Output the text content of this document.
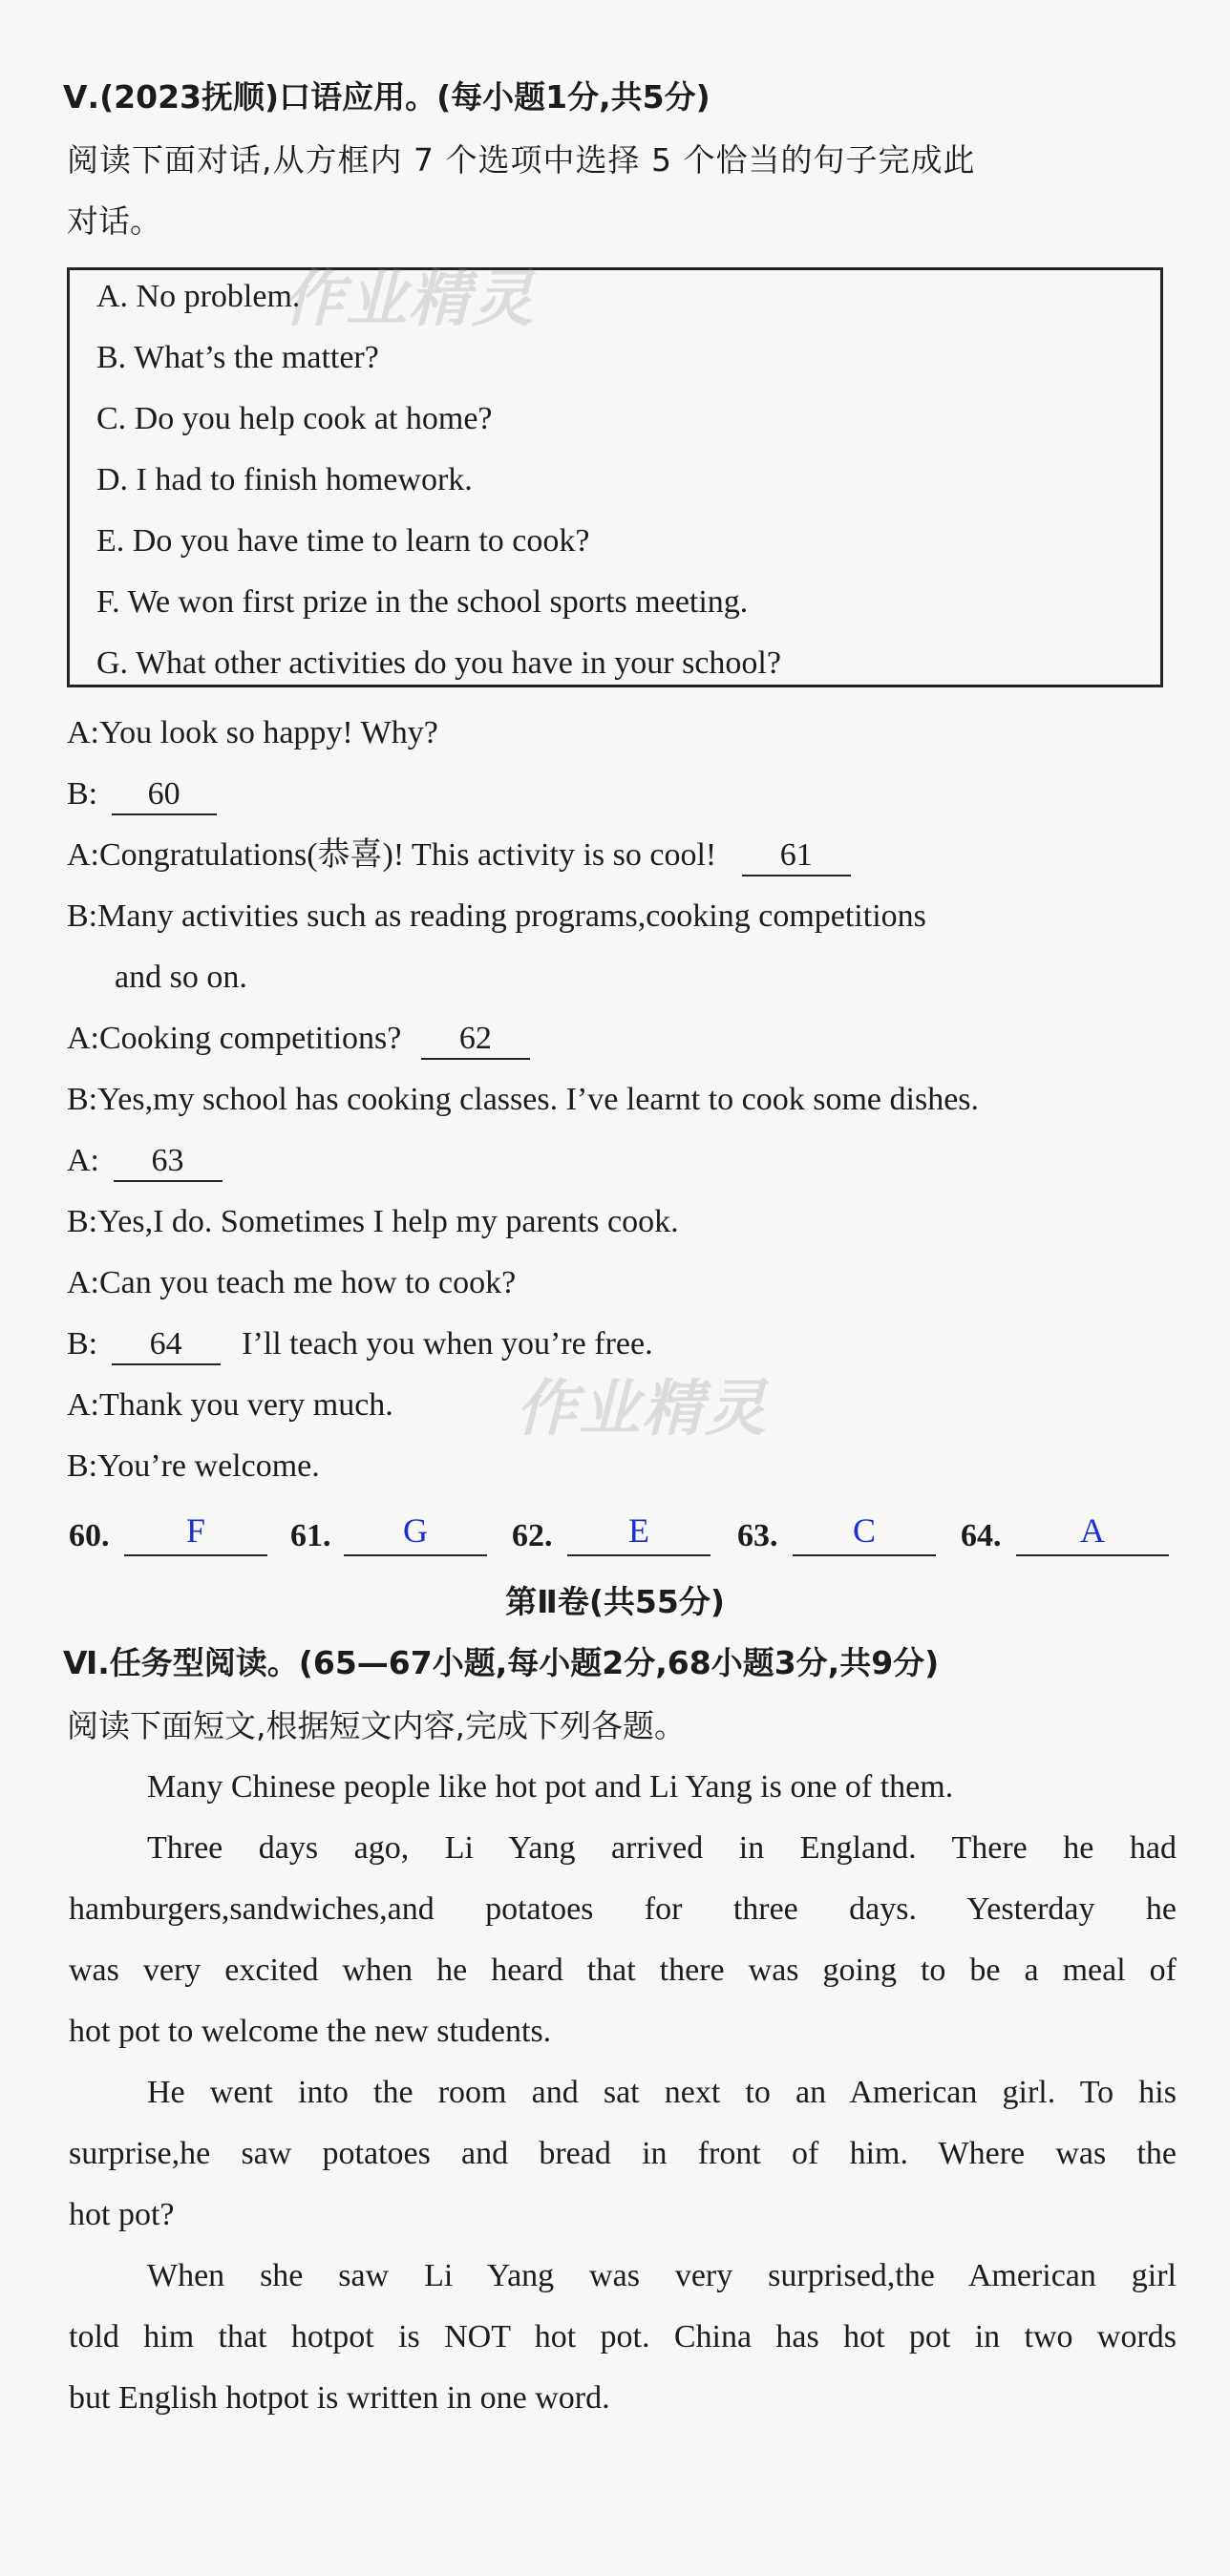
Ⅴ.(2023抚顺)口语应用。(每小题1分,共5分)
阅读下面对话,从方框内 7 个选项中选择 5 个恰当的句子完成此
对话。
A. No problem.
B. What’s the matter?
C. Do you help cook at home?
D. I had to finish homework.
E. Do you have time to learn to cook?
F. We won first prize in the school sports meeting.
G. What other activities do you have in your school?
A:You look so happy! Why?
B: 60
A:Congratulations(恭喜)! This activity is so cool! 61
B:Many activities such as reading programs,cooking competitions
and so on.
A:Cooking competitions? 62
B:Yes,my school has cooking classes. I’ve learnt to cook some dishes.
A: 63
B:Yes,I do. Sometimes I help my parents cook.
A:Can you teach me how to cook?
B: 64 I’ll teach you when you’re free.
A:Thank you very much.
B:You’re welcome.
60.	F	61.	G	62.	E	63.	C	64.	A
第Ⅱ卷(共55分)
Ⅵ.任务型阅读。(65—67小题,每小题2分,68小题3分,共9分)
阅读下面短文,根据短文内容,完成下列各题。
Many Chinese people like hot pot and Li Yang is one of them.
Three days ago, Li Yang arrived in England. There he had
hamburgers,sandwiches,and potatoes for three days. Yesterday he
was very excited when he heard that there was going to be a meal of
hot pot to welcome the new students.
He went into the room and sat next to an American girl. To his
surprise,he saw potatoes and bread in front of him. Where was the
hot pot?
When she saw Li Yang was very surprised,the American girl
told him that hotpot is NOT hot pot. China has hot pot in two words
but English hotpot is written in one word.
作业精灵
作业精灵
